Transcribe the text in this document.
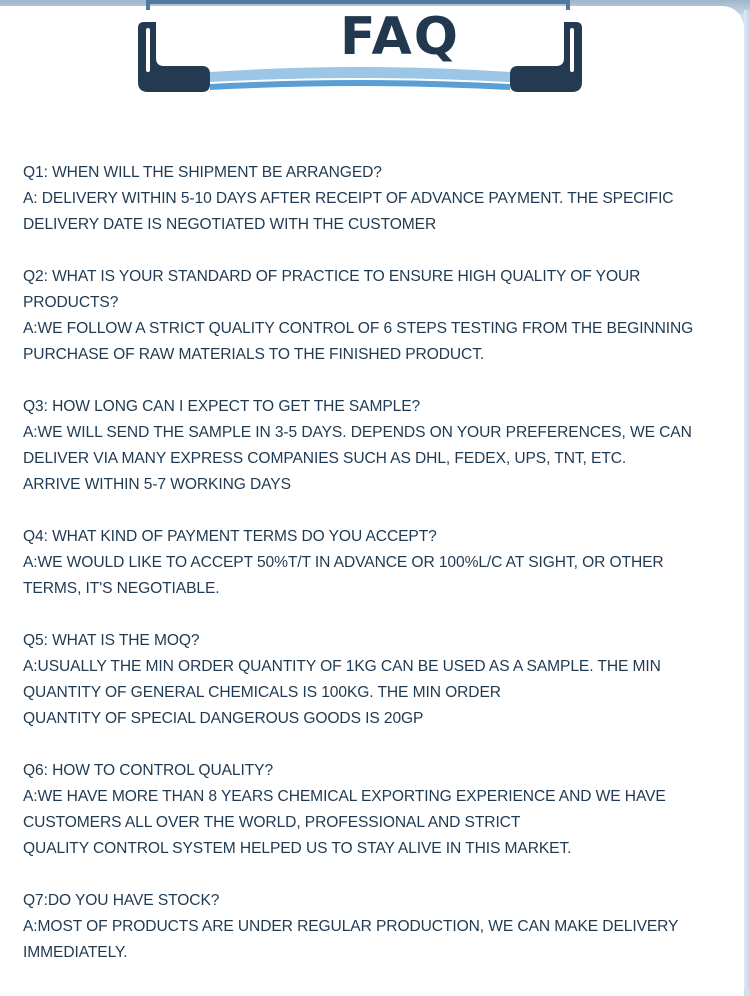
FAQ

Q1: WHEN WILL THE SHIPMENT BE ARRANGED?

A: DELIVERY WITHIN 5-10 DAYS AFTER RECEIPT OF ADVANCE PAYMENT. THE SPECIFIC

DELIVERY DATE IS NEGOTIATED WITH THE CUSTOMER

Q2: WHAT IS YOUR STANDARD OF PRACTICE TO ENSURE HIGH QUALITY OF YOUR

PRODUCTS?

A:WE FOLLOW A STRICT QUALITY CONTROL OF 6 STEPS TESTING FROM THE BEGINNING

PURCHASE OF RAW MATERIALS TO THE FINISHED PRODUCT.

Q3: HOW LONG CAN I EXPECT TO GET THE SAMPLE?

A:WE WILL SEND THE SAMPLE IN 3-5 DAYS. DEPENDS ON YOUR PREFERENCES, WE CAN

DELIVER VIA MANY EXPRESS COMPANIES SUCH AS DHL, FEDEX, UPS, TNT, ETC.

ARRIVE WITHIN 5-7 WORKING DAYS

Q4: WHAT KIND OF PAYMENT TERMS DO YOU ACCEPT?

A:WE WOULD LIKE TO ACCEPT 50%T/T IN ADVANCE OR 100%L/C AT SIGHT, OR OTHER

TERMS, IT'S NEGOTIABLE.

Q5: WHAT IS THE MOQ?

A:USUALLY THE MIN ORDER QUANTITY OF 1KG CAN BE USED AS A SAMPLE. THE MIN

QUANTITY OF GENERAL CHEMICALS IS 100KG. THE MIN ORDER

QUANTITY OF SPECIAL DANGEROUS GOODS IS 20GP

Q6: HOW TO CONTROL QUALITY?

A:WE HAVE MORE THAN 8 YEARS CHEMICAL EXPORTING EXPERIENCE AND WE HAVE

CUSTOMERS ALL OVER THE WORLD, PROFESSIONAL AND STRICT

QUALITY CONTROL SYSTEM HELPED US TO STAY ALIVE IN THIS MARKET.

Q7:DO YOU HAVE STOCK?

A:MOST OF PRODUCTS ARE UNDER REGULAR PRODUCTION, WE CAN MAKE DELIVERY

IMMEDIATELY.
